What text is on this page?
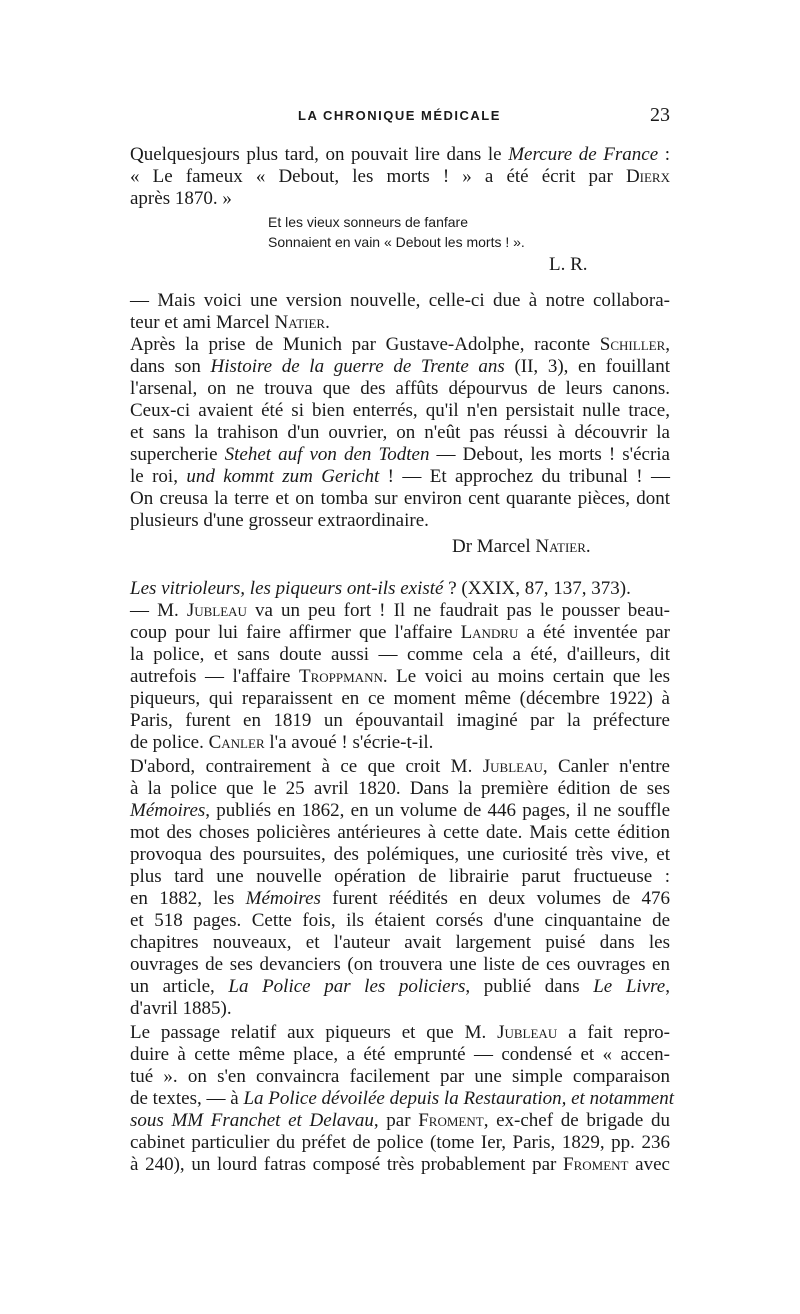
LA CHRONIQUE MÉDICALE	23
Quelquesjours plus tard, on pouvait lire dans le Mercure de France :
« Le fameux « Debout, les morts ! » a été écrit par Dierx
après 1870. »
Et les vieux sonneurs de fanfare
Sonnaient en vain « Debout les morts ! ».
L. R.
— Mais voici une version nouvelle, celle-ci due à notre collabora-
teur et ami Marcel Natier.
Après la prise de Munich par Gustave-Adolphe, raconte Schiller,
dans son Histoire de la guerre de Trente ans (II, 3), en fouillant
l'arsenal, on ne trouva que des affûts dépourvus de leurs canons.
Ceux-ci avaient été si bien enterrés, qu'il n'en persistait nulle trace,
et sans la trahison d'un ouvrier, on n'eût pas réussi à découvrir la
supercherie Stehet auf von den Todten — Debout, les morts ! s'écria
le roi, und kommt zum Gericht ! — Et approchez du tribunal ! —
On creusa la terre et on tomba sur environ cent quarante pièces, dont
plusieurs d'une grosseur extraordinaire.
Dr Marcel Natier.
Les vitrioleurs, les piqueurs ont-ils existé ? (XXIX, 87, 137, 373).
— M. Jubleau va un peu fort ! Il ne faudrait pas le pousser beau-
coup pour lui faire affirmer que l'affaire Landru a été inventée par
la police, et sans doute aussi — comme cela a été, d'ailleurs, dit
autrefois — l'affaire Troppmann. Le voici au moins certain que les
piqueurs, qui reparaissent en ce moment même (décembre 1922) à
Paris, furent en 1819 un épouvantail imaginé par la préfecture
de police. Canler l'a avoué ! s'écrie-t-il.
D'abord, contrairement à ce que croit M. Jubleau, Canler n'entre
à la police que le 25 avril 1820. Dans la première édition de ses
Mémoires, publiés en 1862, en un volume de 446 pages, il ne souffle
mot des choses policières antérieures à cette date. Mais cette édition
provoqua des poursuites, des polémiques, une curiosité très vive, et
plus tard une nouvelle opération de librairie parut fructueuse :
en 1882, les Mémoires furent réédités en deux volumes de 476
et 518 pages. Cette fois, ils étaient corsés d'une cinquantaine de
chapitres nouveaux, et l'auteur avait largement puisé dans les
ouvrages de ses devanciers (on trouvera une liste de ces ouvrages en
un article, La Police par les policiers, publié dans Le Livre,
d'avril 1885).
Le passage relatif aux piqueurs et que M. Jubleau a fait repro-
duire à cette même place, a été emprunté — condensé et « accen-
tué ». on s'en convaincra facilement par une simple comparaison
de textes, — à La Police dévoilée depuis la Restauration, et notamment
sous MM Franchet et Delavau, par Froment, ex-chef de brigade du
cabinet particulier du préfet de police (tome Ier, Paris, 1829, pp. 236
à 240), un lourd fatras composé très probablement par Froment avec
